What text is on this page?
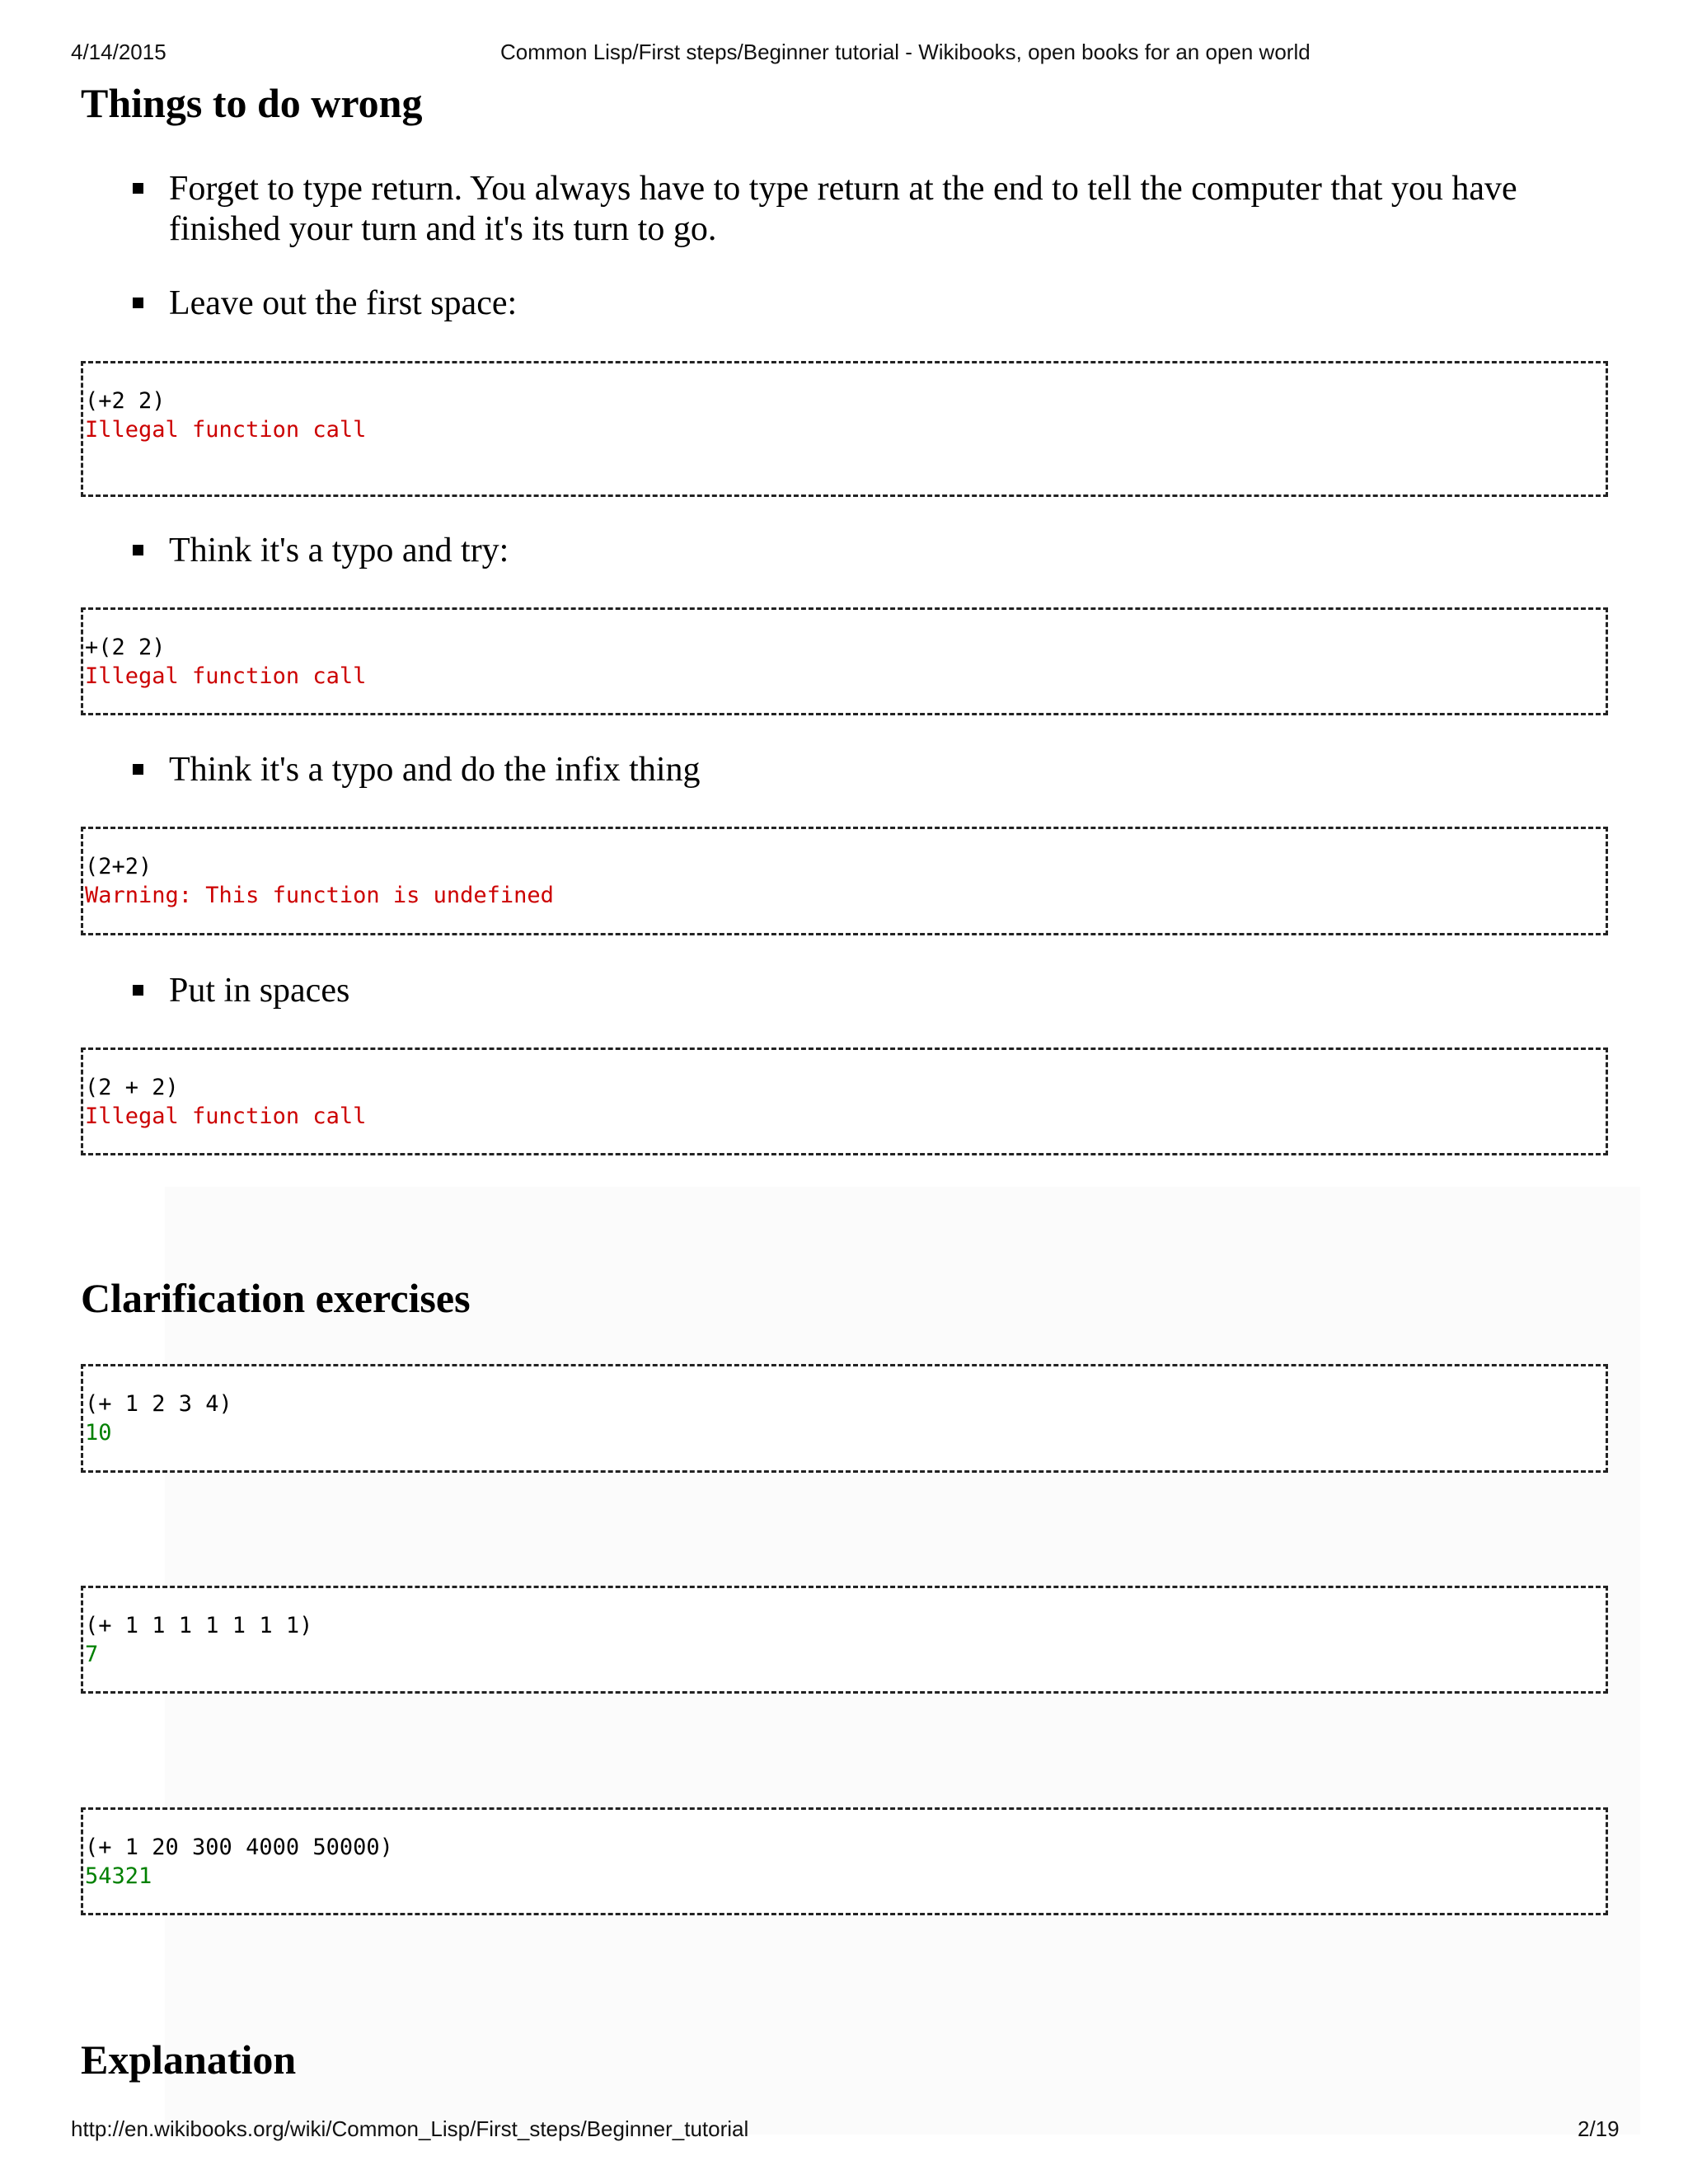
4/14/2015	Common Lisp/First steps/Beginner tutorial - Wikibooks, open books for an open world
Things to do wrong
Forget to type return. You always have to type return at the end to tell the computer that you have finished your turn and it's its turn to go.
Leave out the first space:
(+2 2)
Illegal function call
Think it's a typo and try:
+(2 2)
Illegal function call
Think it's a typo and do the infix thing
(2+2)
Warning: This function is undefined
Put in spaces
(2 + 2)
Illegal function call
Clarification exercises
(+ 1 2 3 4)
10
(+ 1 1 1 1 1 1 1)
7
(+ 1 20 300 4000 50000)
54321
Explanation
http://en.wikibooks.org/wiki/Common_Lisp/First_steps/Beginner_tutorial	2/19
